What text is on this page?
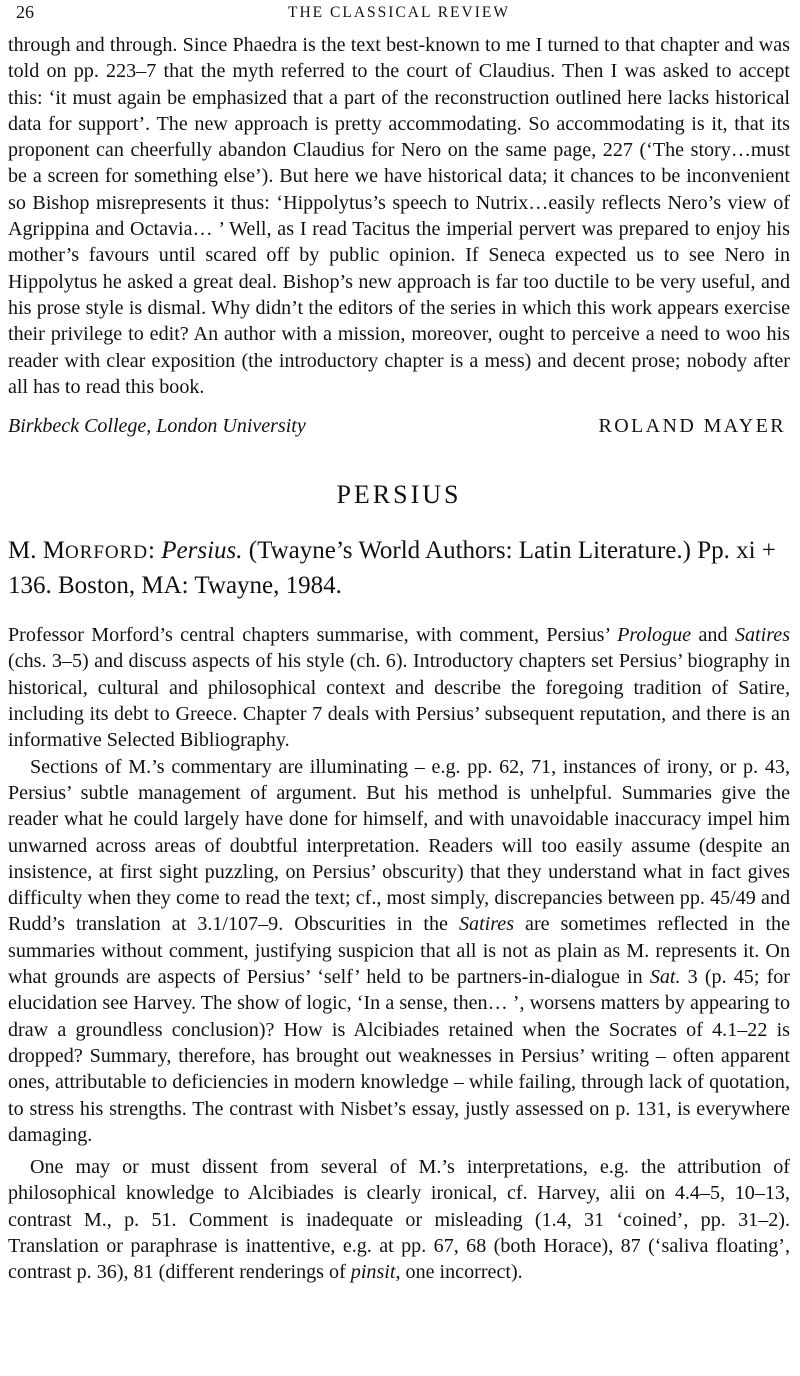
26	THE CLASSICAL REVIEW

through and through. Since Phaedra is the text best-known to me I turned to that chapter and was told on pp. 223–7 that the myth referred to the court of Claudius. Then I was asked to accept this: ‘it must again be emphasized that a part of the reconstruction outlined here lacks historical data for support’. The new approach is pretty accommodating. So accommodating is it, that its proponent can cheerfully abandon Claudius for Nero on the same page, 227 (‘The story…must be a screen for something else’). But here we have historical data; it chances to be inconvenient so Bishop misrepresents it thus: ‘Hippolytus’s speech to Nutrix…easily reflects Nero’s view of Agrippina and Octavia… ’ Well, as I read Tacitus the imperial pervert was prepared to enjoy his mother’s favours until scared off by public opinion. If Seneca expected us to see Nero in Hippolytus he asked a great deal. Bishop’s new approach is far too ductile to be very useful, and his prose style is dismal. Why didn’t the editors of the series in which this work appears exercise their privilege to edit? An author with a mission, moreover, ought to perceive a need to woo his reader with clear exposition (the introductory chapter is a mess) and decent prose; nobody after all has to read this book.

Birkbeck College, London University	ROLAND MAYER
PERSIUS
M. MORFORD: Persius. (Twayne’s World Authors: Latin Literature.) Pp. xi + 136. Boston, MA: Twayne, 1984.

Professor Morford’s central chapters summarise, with comment, Persius’ Prologue and Satires (chs. 3–5) and discuss aspects of his style (ch. 6). Introductory chapters set Persius’ biography in historical, cultural and philosophical context and describe the foregoing tradition of Satire, including its debt to Greece. Chapter 7 deals with Persius’ subsequent reputation, and there is an informative Selected Bibliography.

Sections of M.’s commentary are illuminating – e.g. pp. 62, 71, instances of irony, or p. 43, Persius’ subtle management of argument. But his method is unhelpful. Summaries give the reader what he could largely have done for himself, and with unavoidable inaccuracy impel him unwarned across areas of doubtful interpretation. Readers will too easily assume (despite an insistence, at first sight puzzling, on Persius’ obscurity) that they understand what in fact gives difficulty when they come to read the text; cf., most simply, discrepancies between pp. 45/49 and Rudd’s translation at 3.1/107–9. Obscurities in the Satires are sometimes reflected in the summaries without comment, justifying suspicion that all is not as plain as M. represents it. On what grounds are aspects of Persius’ ‘self’ held to be partners-in-dialogue in Sat. 3 (p. 45; for elucidation see Harvey. The show of logic, ‘In a sense, then… ’, worsens matters by appearing to draw a groundless conclusion)? How is Alcibiades retained when the Socrates of 4.1–22 is dropped? Summary, therefore, has brought out weaknesses in Persius’ writing – often apparent ones, attributable to deficiencies in modern knowledge – while failing, through lack of quotation, to stress his strengths. The contrast with Nisbet’s essay, justly assessed on p. 131, is everywhere damaging.

One may or must dissent from several of M.’s interpretations, e.g. the attribution of philosophical knowledge to Alcibiades is clearly ironical, cf. Harvey, alii on 4.4–5, 10–13, contrast M., p. 51. Comment is inadequate or misleading (1.4, 31 ‘coined’, pp. 31–2). Translation or paraphrase is inattentive, e.g. at pp. 67, 68 (both Horace), 87 (‘saliva floating’, contrast p. 36), 81 (different renderings of pinsit, one incorrect).
